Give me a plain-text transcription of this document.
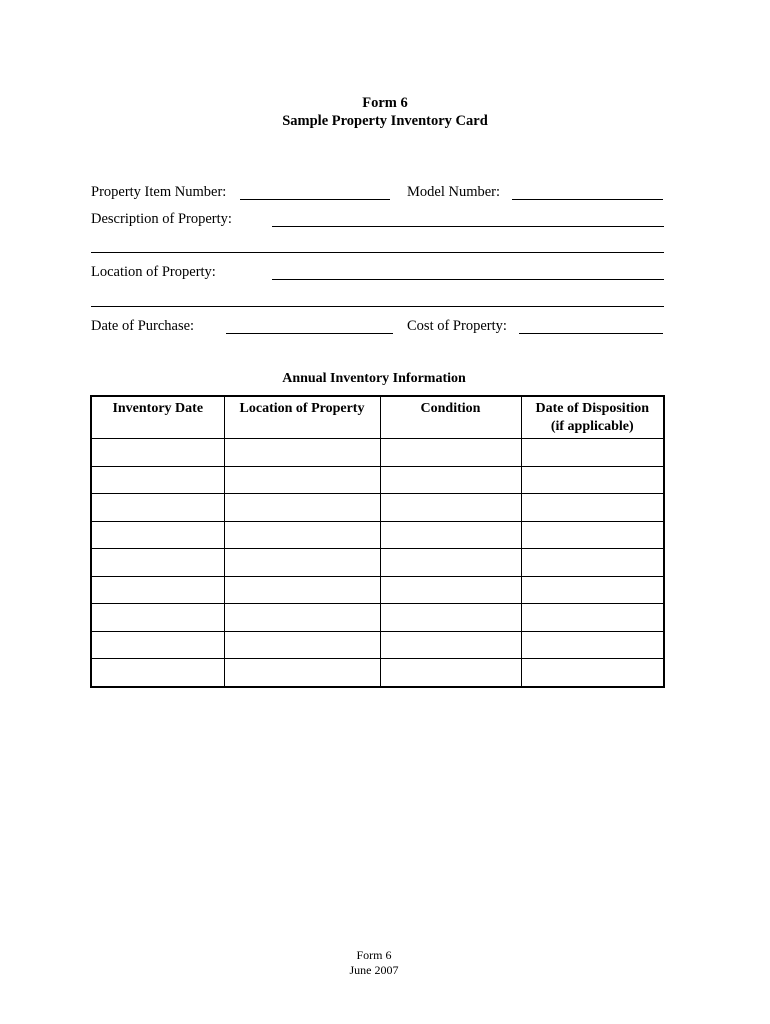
Form 6
Sample Property Inventory Card
Property Item Number:	Model Number:
Description of Property:
Location of Property:
Date of Purchase:	Cost of Property:
Annual Inventory Information
Inventory Date	Location of Property	Condition	Date of Disposition
(if applicable)

Form 6
June 2007
